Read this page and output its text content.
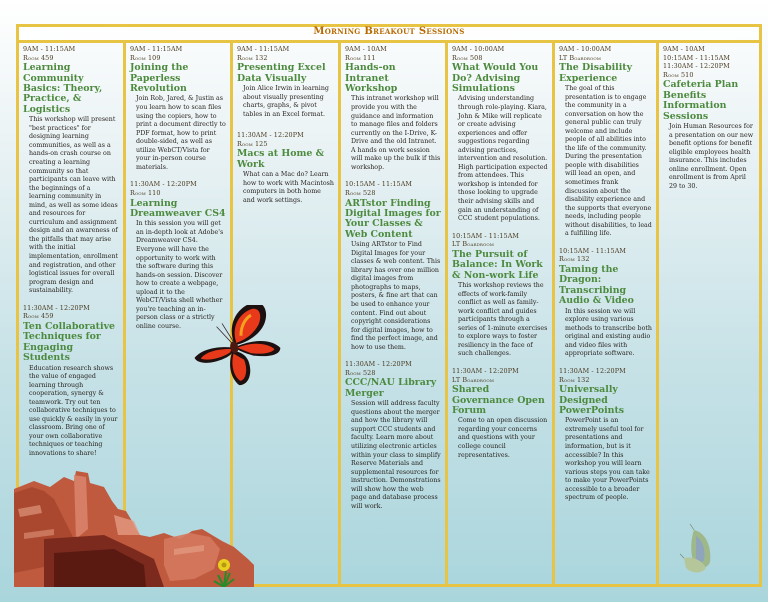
Morning Breakout Sessions
9AM - 11:15AM
Room 459
Learning Community Basics: Theory, Practice, & Logistics
This workshop will present "best practices" for designing learning communities, as well as a hands-on crash course on creating a learning community so that participants can leave with the beginnings of a learning community in mind, as well as some ideas and resources for curriculum and assignment design and an awareness of the pitfalls that may arise with the initial implementation, enrollment and registration, and other logistical issues for overall program design and sustainability.
11:30AM - 12:20PM
Room 459
Ten Collaborative Techniques for Engaging Students
Education research shows the value of engaged learning through cooperation, synergy & teamwork. Try out ten collaborative techniques to use quickly & easily in your classroom. Bring one of your own collaborative techniques or teaching innovations to share!
9AM - 11:15AM
Room 109
Joining the Paperless Revolution
Join Rob, Jared, & Justin as you learn how to scan files using the copiers, how to print a document directly to PDF format, how to print double-sided, as well as utilize WebCT/Vista for your in-person course materials.
11:30AM - 12:20PM
Room 110
Learning Dreamweaver CS4
In this session you will get an in-depth look at Adobe's Dreamweaver CS4. Everyone will have the opportunity to work with the software during this hands-on session. Discover how to create a webpage, upload it to the WebCT/Vista shell whether you're teaching an in-person class or a strictly online course.
9AM - 11:15AM
Room 132
Presenting Excel Data Visually
Join Alice Irwin in learning about visually presenting charts, graphs, & pivot tables in an Excel format.
11:30AM - 12:20PM
Room 125
Macs at Home & Work
What can a Mac do? Learn how to work with Macintosh computers in both home and work settings.
9AM - 10AM
Room 111
Hands-on Intranet Workshop
This intranet workshop will provide you with the guidance and information to manage files and folders currently on the I-Drive, K-Drive and the old Intranet. A hands on work session will make up the bulk if this workshop.
10:15AM - 11:15AM
Room 528
ARTstor Finding Digital Images for Your Classes & Web Content
Using ARTstor to Find Digital Images for your classes & web content. This library has over one million digital images from photographs to maps, posters, & fine art that can be used to enhance your content. Find out about copyright considerations for digital images, how to find the perfect image, and how to use them.
11:30AM - 12:20PM
Room 528
CCC/NAU Library Merger
Session will address faculty questions about the merger and how the library will support CCC students and faculty. Learn more about utilizing electronic articles within your class to simplify Reserve Materials and supplemental resources for instruction. Demonstrations will show how the web page and database process will work.
9AM - 10:00AM
Room 508
What Would You Do? Advising Simulations
Advising understanding through role-playing. Kiara, John & Mike will replicate or create advising experiences and offer suggestions regarding advising practices, intervention and resolution. High participation expected from attendees. This workshop is intended for those looking to upgrade their advising skills and gain an understanding of CCC student populations.
10:15AM - 11:15AM
LT Boardroom
The Pursuit of Balance: In Work & Non-work Life
This workshop reviews the effects of work-family conflict as well as family-work conflict and guides participants through a series of 1-minute exercises to explore ways to foster resiliency in the face of such challenges.
11:30AM - 12:20PM
LT Boardroom
Shared Governance Open Forum
Come to an open discussion regarding your concerns and questions with your college council representatives.
9AM - 10:00AM
LT Boardroom
The Disability Experience
The goal of this presentation is to engage the community in a conversation on how the general public can truly welcome and include people of all abilities into the life of the community. During the presentation people with disabilities will lead an open, and sometimes frank discussion about the disability experience and the supports that everyone needs, including people without disabilities, to lead a fulfilling life.
10:15AM - 11:15AM
Room 132
Taming the Dragon: Transcribing Audio & Video
In this session we will explore using various methods to transcribe both original and existing audio and video files with appropriate software.
11:30AM - 12:20PM
Room 132
Universally Designed PowerPoints
PowerPoint is an extremely useful tool for presentations and information, but is it accessible? In this workshop you will learn various steps you can take to make your PowerPoints accessible to a broader spectrum of people.
9AM - 10AM
10:15AM - 11:15AM
11:30AM - 12:20PM
Room 510
Cafeteria Plan Benefits Information Sessions
Join Human Resources for a presentation on our new benefit options for benefit eligible employees health insurance. This includes online enrollment. Open enrollment is from April 29 to 30.
